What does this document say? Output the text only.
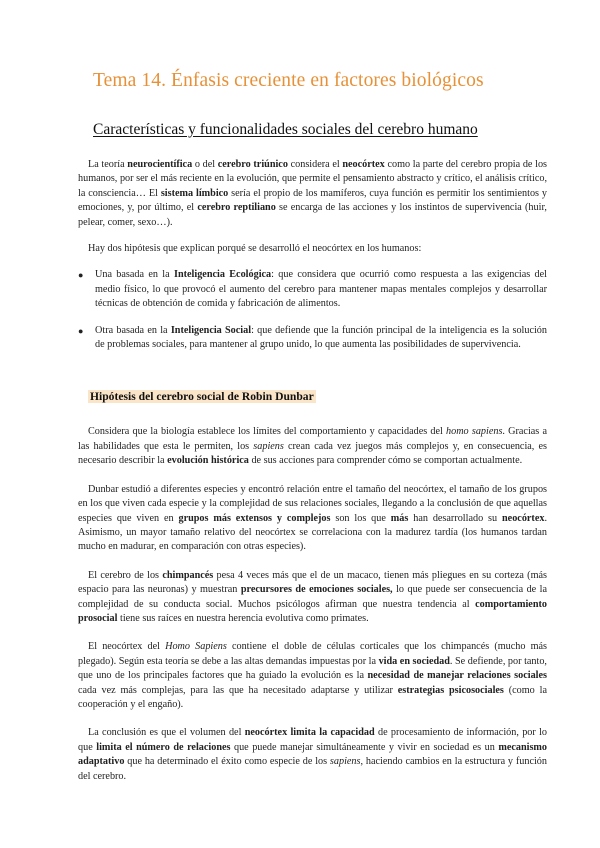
Tema 14. Énfasis creciente en factores biológicos
Características y funcionalidades sociales del cerebro humano

La teoría neurocientífica o del cerebro triúnico considera el neocórtex como la parte del cerebro propia de los humanos, por ser el más reciente en la evolución, que permite el pensamiento abstracto y crítico, el análisis crítico, la consciencia… El sistema límbico sería el propio de los mamíferos, cuya función es permitir los sentimientos y emociones, y, por último, el cerebro reptiliano se encarga de las acciones y los instintos de supervivencia (huir, pelear, comer, sexo…).

Hay dos hipótesis que explican porqué se desarrolló el neocórtex en los humanos:

● Una basada en la Inteligencia Ecológica: que considera que ocurrió como respuesta a las exigencias del medio físico, lo que provocó el aumento del cerebro para mantener mapas mentales complejos y desarrollar técnicas de obtención de comida y fabricación de alimentos.
● Otra basada en la Inteligencia Social: que defiende que la función principal de la inteligencia es la solución de problemas sociales, para mantener al grupo unido, lo que aumenta las posibilidades de supervivencia.
Hipótesis del cerebro social de Robin Dunbar

Considera que la biología establece los límites del comportamiento y capacidades del homo sapiens. Gracias a las habilidades que esta le permiten, los sapiens crean cada vez juegos más complejos y, en consecuencia, es necesario describir la evolución histórica de sus acciones para comprender cómo se comportan actualmente.

Dunbar estudió a diferentes especies y encontró relación entre el tamaño del neocórtex, el tamaño de los grupos en los que viven cada especie y la complejidad de sus relaciones sociales, llegando a la conclusión de que aquellas especies que viven en grupos más extensos y complejos son los que más han desarrollado su neocórtex. Asimismo, un mayor tamaño relativo del neocórtex se correlaciona con la madurez tardía (los humanos tardan mucho en madurar, en comparación con otras especies).

El cerebro de los chimpancés pesa 4 veces más que el de un macaco, tienen más pliegues en su corteza (más espacio para las neuronas) y muestran precursores de emociones sociales, lo que puede ser consecuencia de la complejidad de su conducta social. Muchos psicólogos afirman que nuestra tendencia al comportamiento prosocial tiene sus raíces en nuestra herencia evolutiva como primates.

El neocórtex del Homo Sapiens contiene el doble de células corticales que los chimpancés (mucho más plegado). Según esta teoría se debe a las altas demandas impuestas por la vida en sociedad. Se defiende, por tanto, que uno de los principales factores que ha guiado la evolución es la necesidad de manejar relaciones sociales cada vez más complejas, para las que ha necesitado adaptarse y utilizar estrategias psicosociales (como la cooperación y el engaño).

La conclusión es que el volumen del neocórtex limita la capacidad de procesamiento de información, por lo que limita el número de relaciones que puede manejar simultáneamente y vivir en sociedad es un mecanismo adaptativo que ha determinado el éxito como especie de los sapiens, haciendo cambios en la estructura y función del cerebro.
